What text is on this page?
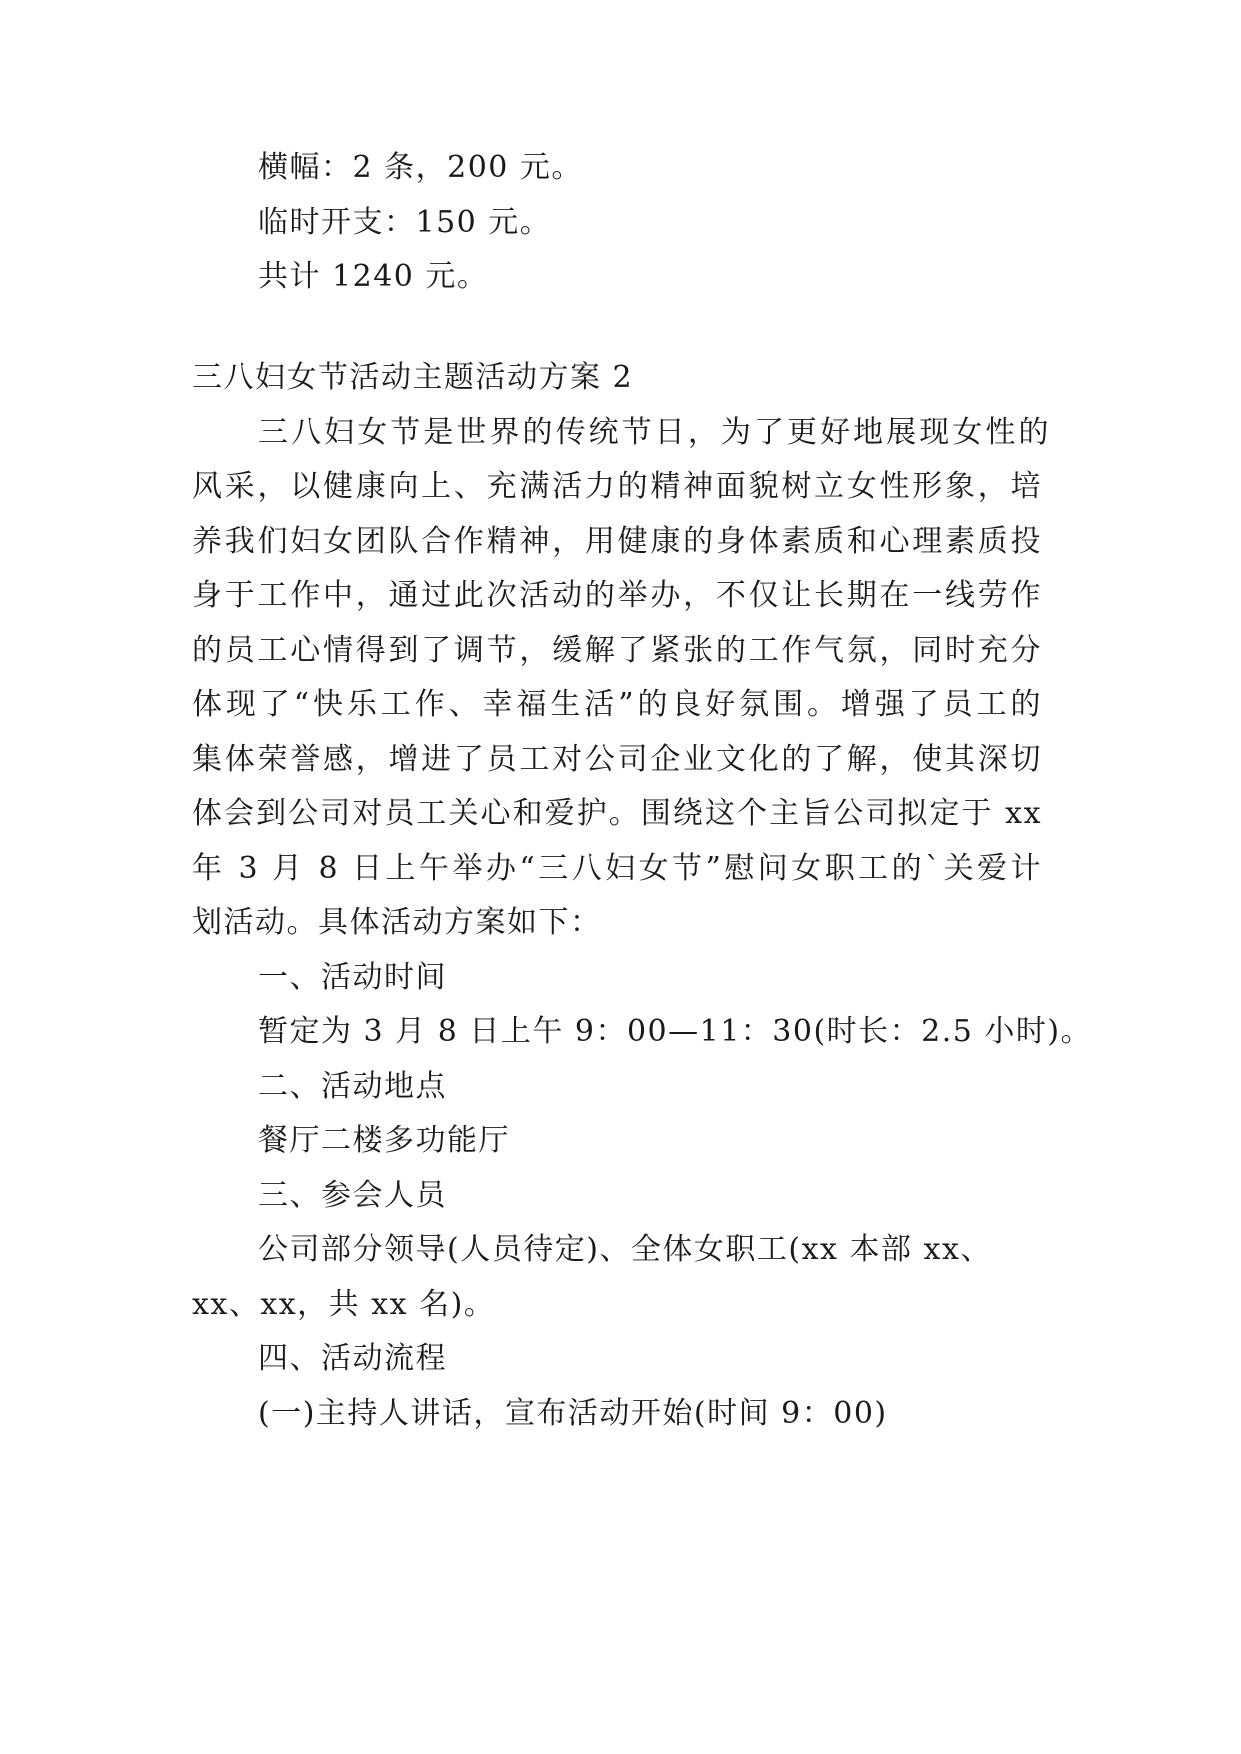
横幅：2 条，200 元。
临时开支：150 元。
共计 1240 元。
三八妇女节活动主题活动方案 2
三八妇女节是世界的传统节日，为了更好地展现女性的
风采，以健康向上、充满活力的精神面貌树立女性形象，培
养我们妇女团队合作精神，用健康的身体素质和心理素质投
身于工作中，通过此次活动的举办，不仅让长期在一线劳作
的员工心情得到了调节，缓解了紧张的工作气氛，同时充分
体现了“快乐工作、幸福生活”的良好氛围。增强了员工的
集体荣誉感，增进了员工对公司企业文化的了解，使其深切
体会到公司对员工关心和爱护。围绕这个主旨公司拟定于 xx
年 3 月 8 日上午举办“三八妇女节”慰问女职工的`关爱计
划活动。具体活动方案如下：
一、活动时间
暂定为 3 月 8 日上午 9：00—11：30(时长：2.5 小时)。
二、活动地点
餐厅二楼多功能厅
三、参会人员
公司部分领导(人员待定)、全体女职工(xx 本部 xx、
xx、xx，共 xx 名)。
四、活动流程
(一)主持人讲话，宣布活动开始(时间 9：00)
